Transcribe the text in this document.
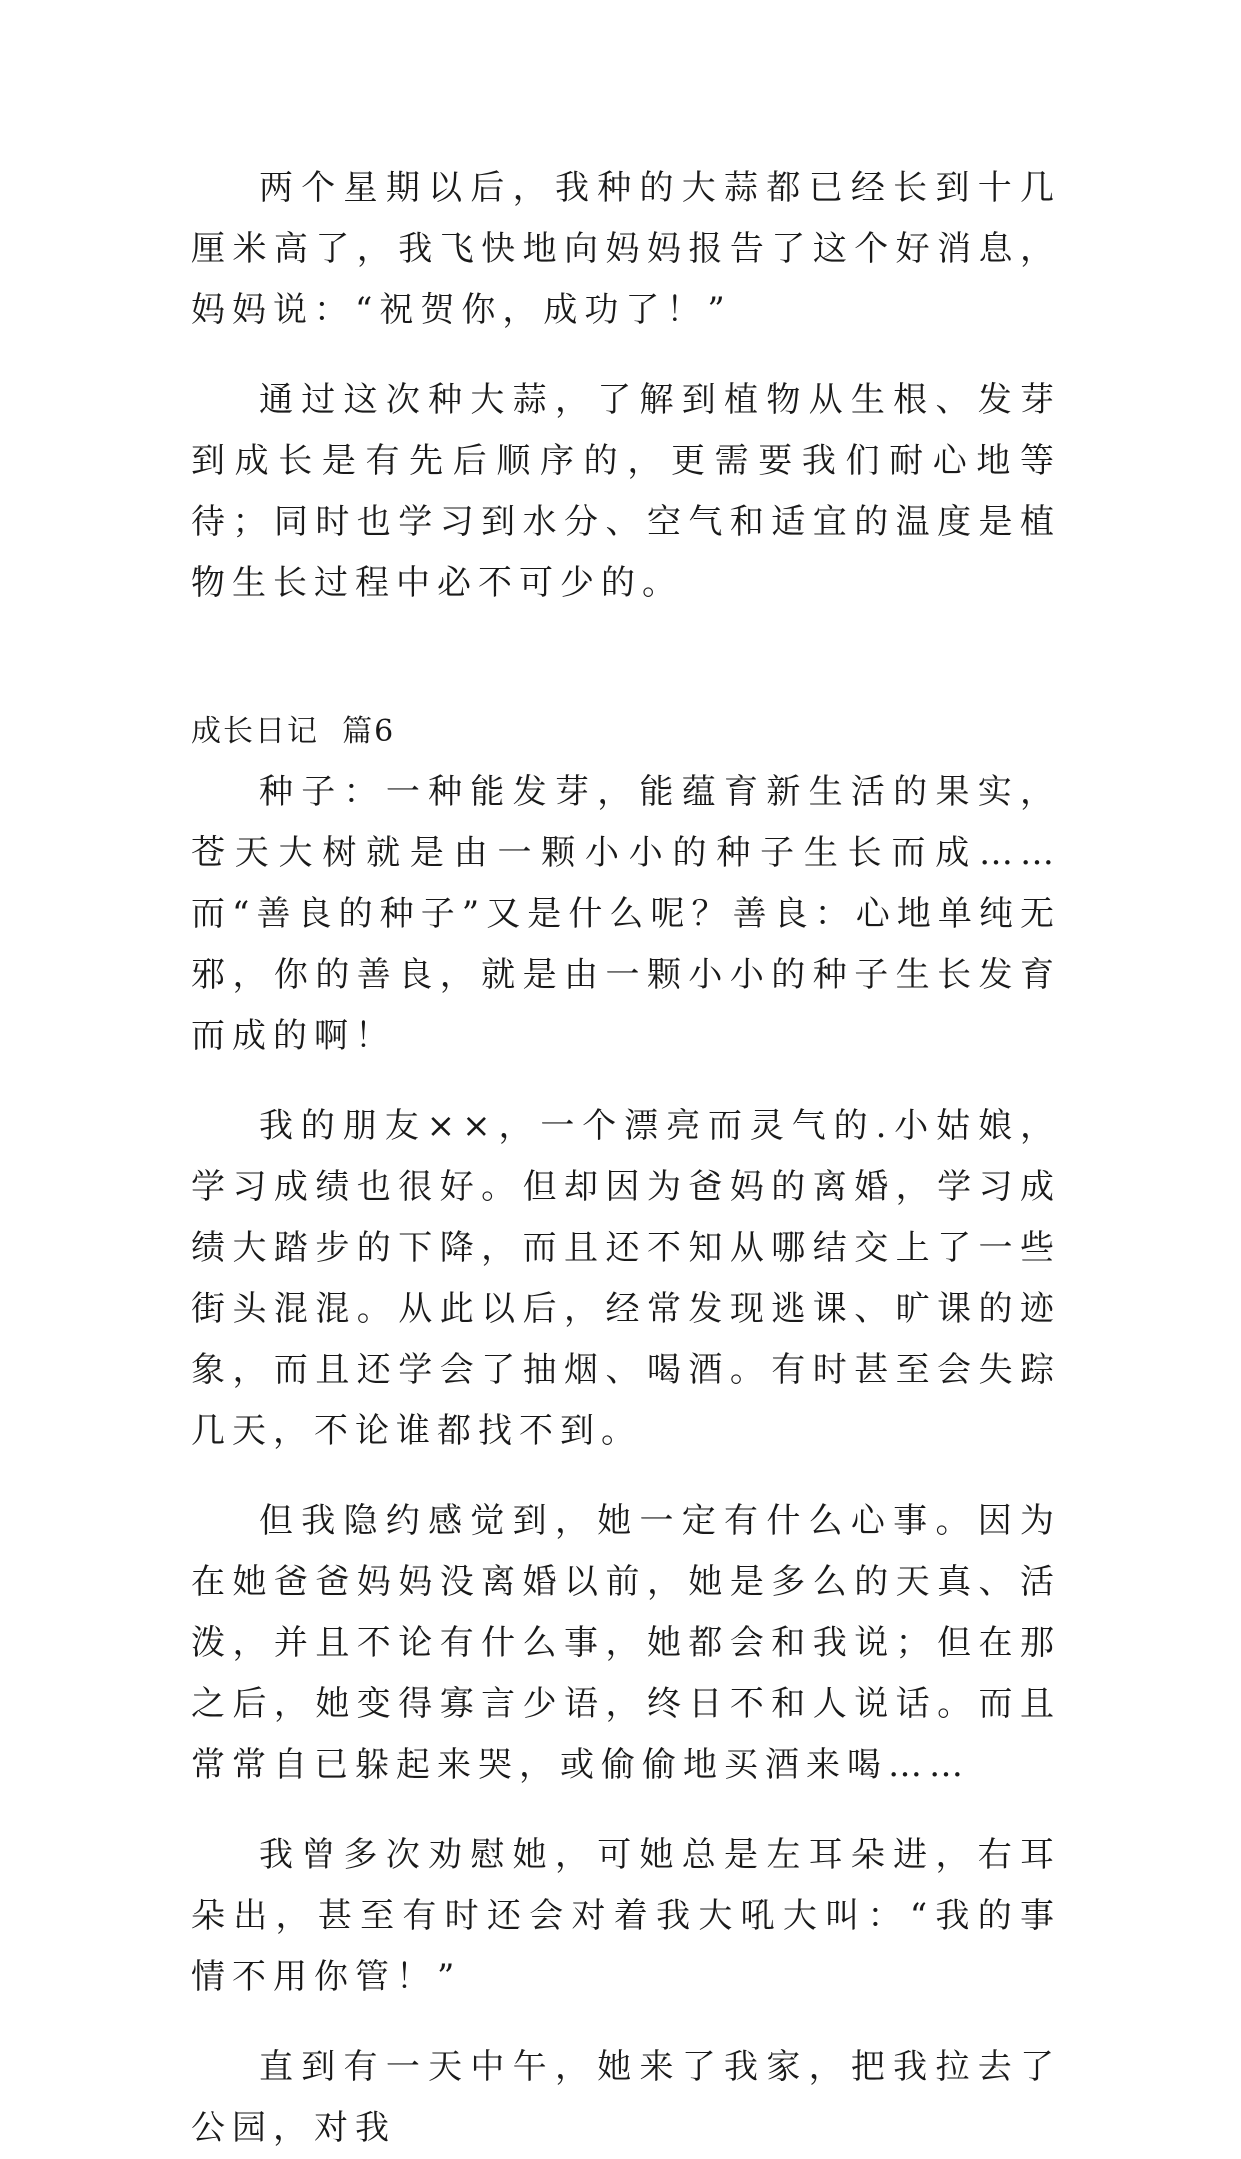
两个星期以后，我种的大蒜都已经长到十几厘米高了，我飞快地向妈妈报告了这个好消息，妈妈说：“祝贺你，成功了！”

通过这次种大蒜，了解到植物从生根、发芽到成长是有先后顺序的，更需要我们耐心地等待；同时也学习到水分、空气和适宜的温度是植物生长过程中必不可少的。

成长日记  篇6

种子：一种能发芽，能蕴育新生活的果实，苍天大树就是由一颗小小的种子生长而成……而“善良的种子”又是什么呢？善良：心地单纯无邪，你的善良，就是由一颗小小的种子生长发育而成的啊！

我的朋友××，一个漂亮而灵气的.小姑娘，学习成绩也很好。但却因为爸妈的离婚，学习成绩大踏步的下降，而且还不知从哪结交上了一些街头混混。从此以后，经常发现逃课、旷课的迹象，而且还学会了抽烟、喝酒。有时甚至会失踪几天，不论谁都找不到。

但我隐约感觉到，她一定有什么心事。因为在她爸爸妈妈没离婚以前，她是多么的天真、活泼，并且不论有什么事，她都会和我说；但在那之后，她变得寡言少语，终日不和人说话。而且常常自已躲起来哭，或偷偷地买酒来喝……

我曾多次劝慰她，可她总是左耳朵进，右耳朵出，甚至有时还会对着我大吼大叫：“我的事情不用你管！”

直到有一天中午，她来了我家，把我拉去了公园，对我
